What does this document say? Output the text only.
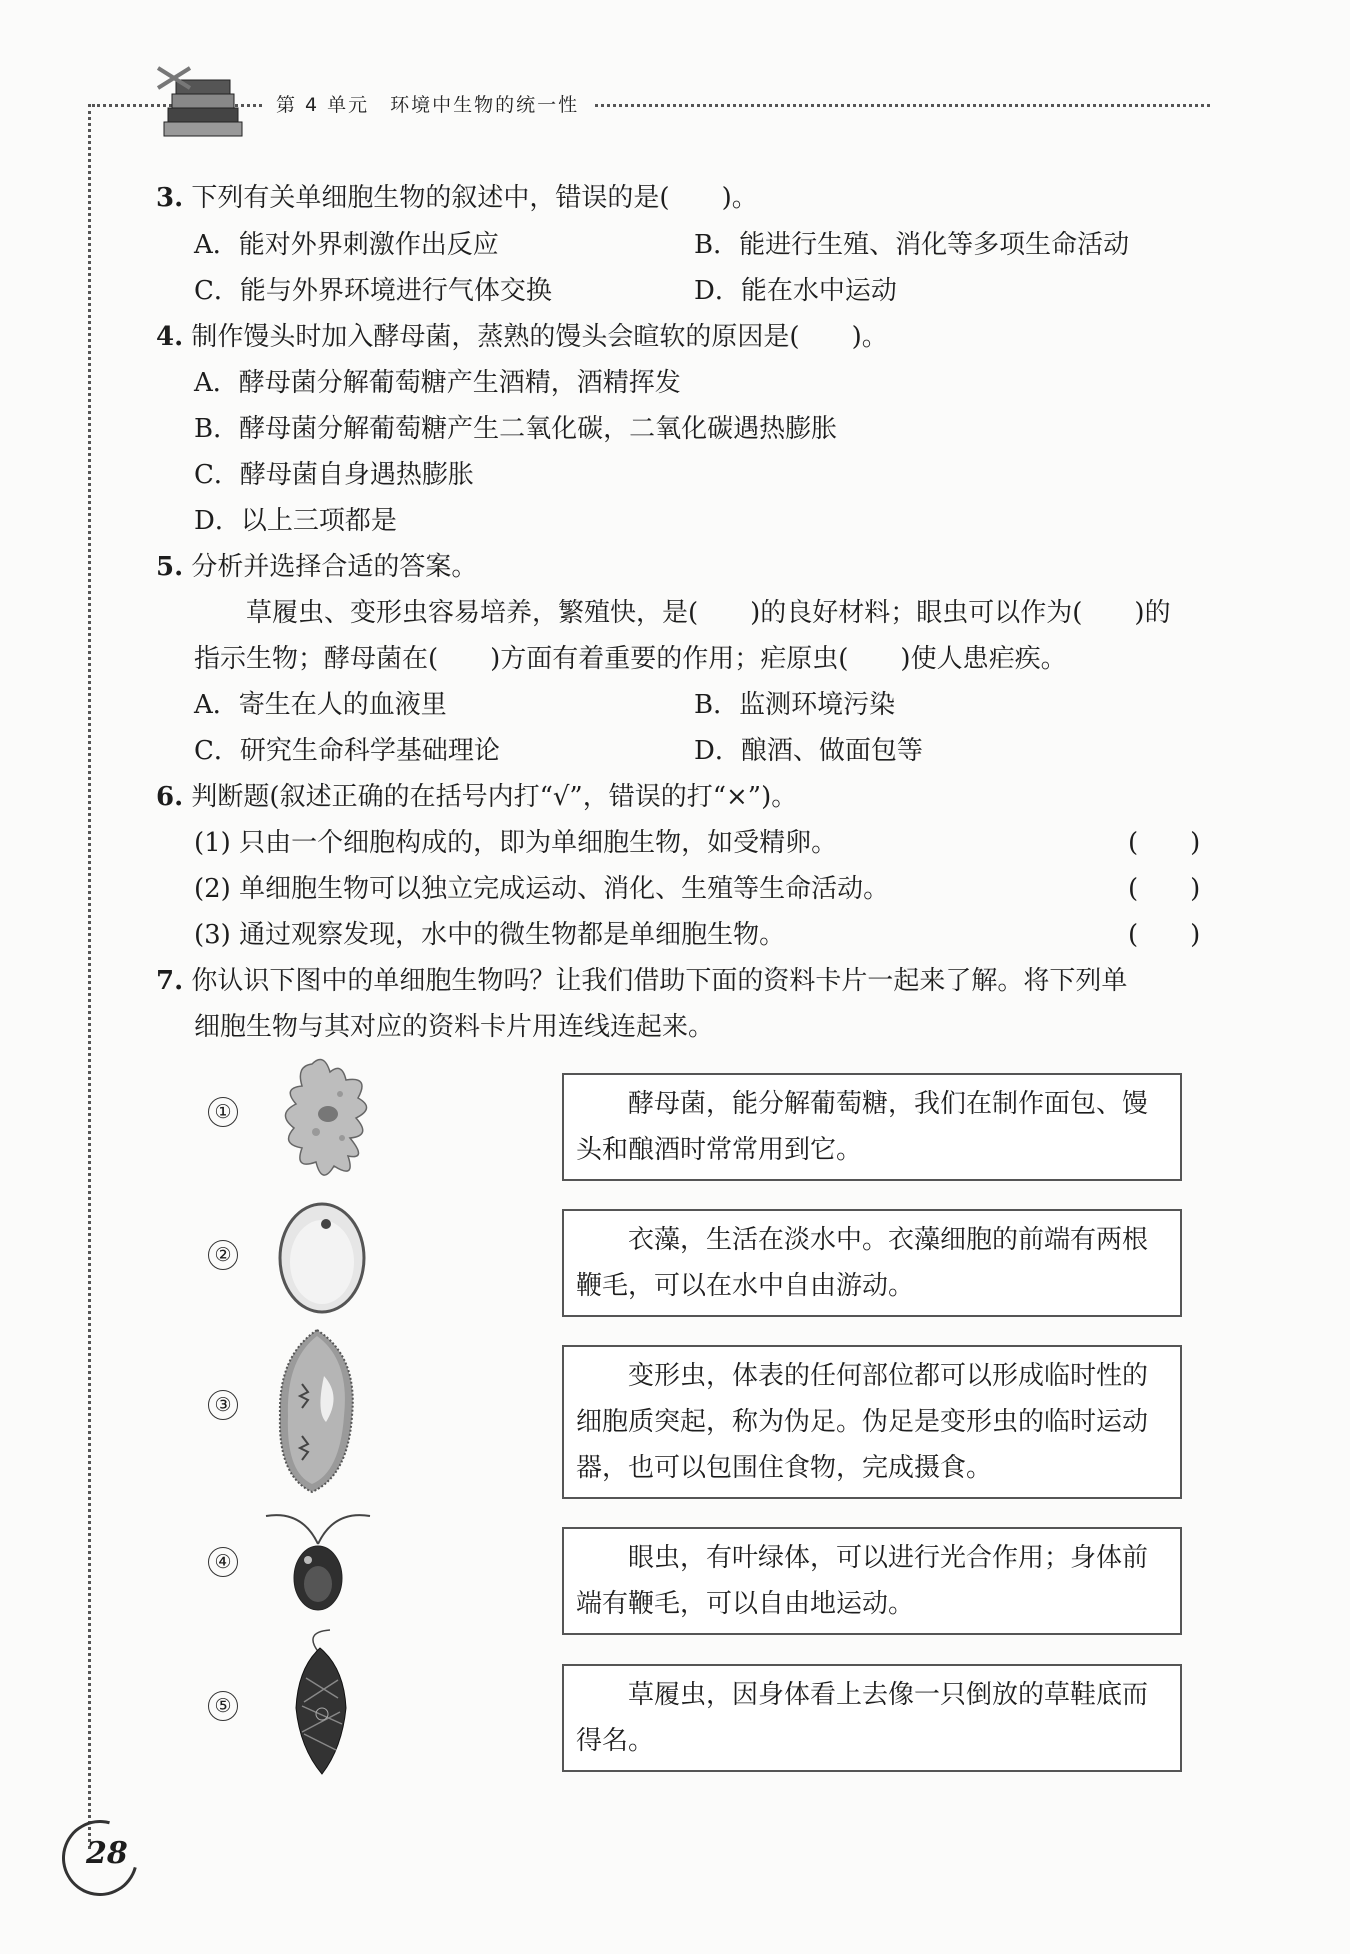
第 4 单元　环境中生物的统一性
3. 下列有关单细胞生物的叙述中，错误的是(　　)。
A．能对外界刺激作出反应	B．能进行生殖、消化等多项生命活动
C．能与外界环境进行气体交换	D．能在水中运动
4. 制作馒头时加入酵母菌，蒸熟的馒头会暄软的原因是(　　)。
A．酵母菌分解葡萄糖产生酒精，酒精挥发
B．酵母菌分解葡萄糖产生二氧化碳，二氧化碳遇热膨胀
C．酵母菌自身遇热膨胀
D．以上三项都是
5. 分析并选择合适的答案。
草履虫、变形虫容易培养，繁殖快，是(　　)的良好材料；眼虫可以作为(　　)的
指示生物；酵母菌在(　　)方面有着重要的作用；疟原虫(　　)使人患疟疾。
A．寄生在人的血液里	B．监测环境污染
C．研究生命科学基础理论	D．酿酒、做面包等
6. 判断题(叙述正确的在括号内打“√”，错误的打“×”)。
(1) 只由一个细胞构成的，即为单细胞生物，如受精卵。	(　　)
(2) 单细胞生物可以独立完成运动、消化、生殖等生命活动。	(　　)
(3) 通过观察发现，水中的微生物都是单细胞生物。	(　　)
7. 你认识下图中的单细胞生物吗？让我们借助下面的资料卡片一起来了解。将下列单
细胞生物与其对应的资料卡片用连线连起来。
①
②
③
④
⑤
酵母菌，能分解葡萄糖，我们在制作面包、馒头和酿酒时常常用到它。
衣藻，生活在淡水中。衣藻细胞的前端有两根鞭毛，可以在水中自由游动。
变形虫，体表的任何部位都可以形成临时性的细胞质突起，称为伪足。伪足是变形虫的临时运动器，也可以包围住食物，完成摄食。
眼虫，有叶绿体，可以进行光合作用；身体前端有鞭毛，可以自由地运动。
草履虫，因身体看上去像一只倒放的草鞋底而得名。
28
